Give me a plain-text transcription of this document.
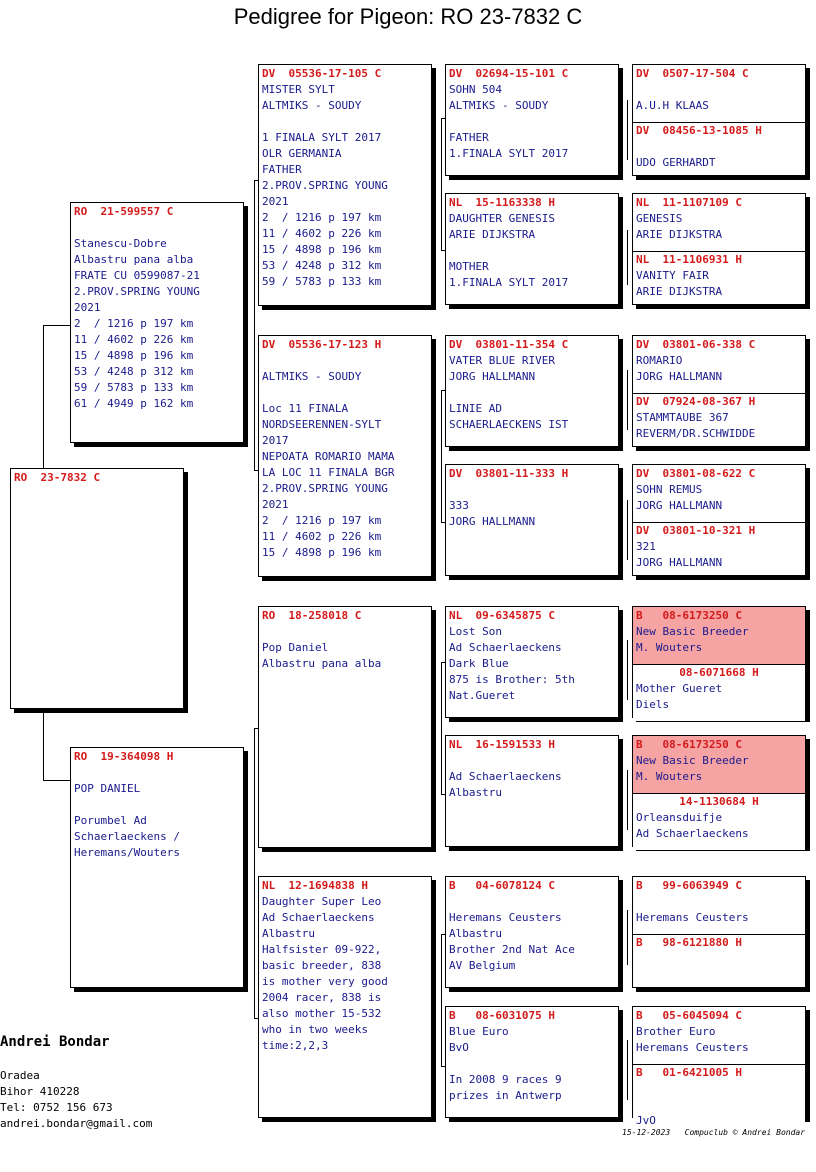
Pedigree for Pigeon: RO 23-7832 C
RO  23-7832 C
RO  21-599557 C
Stanescu-Dobre
Albastru pana alba
FRATE CU 0599087-21
2.PROV.SPRING YOUNG
2021
2  / 1216 p 197 km
11 / 4602 p 226 km
15 / 4898 p 196 km
53 / 4248 p 312 km
59 / 5783 p 133 km
61 / 4949 p 162 km
RO  19-364098 H
POP DANIEL
Porumbel Ad
Schaerlaeckens /
Heremans/Wouters
DV  05536-17-105 C
MISTER SYLT
ALTMIKS - SOUDY
1 FINALA SYLT 2017
OLR GERMANIA
FATHER
2.PROV.SPRING YOUNG
2021
2  / 1216 p 197 km
11 / 4602 p 226 km
15 / 4898 p 196 km
53 / 4248 p 312 km
59 / 5783 p 133 km
DV  05536-17-123 H
ALTMIKS - SOUDY
Loc 11 FINALA
NORDSEERENNEN-SYLT
2017
NEPOATA ROMARIO MAMA
LA LOC 11 FINALA BGR
2.PROV.SPRING YOUNG
2021
2  / 1216 p 197 km
11 / 4602 p 226 km
15 / 4898 p 196 km
RO  18-258018 C
Pop Daniel
Albastru pana alba
NL  12-1694838 H
Daughter Super Leo
Ad Schaerlaeckens
Albastru
Halfsister 09-922,
basic breeder, 838
is mother very good
2004 racer, 838 is
also mother 15-532
who in two weeks
time:2,2,3
DV  02694-15-101 C
SOHN 504
ALTMIKS - SOUDY
FATHER
1.FINALA SYLT 2017
NL  15-1163338 H
DAUGHTER GENESIS
ARIE DIJKSTRA
MOTHER
1.FINALA SYLT 2017
DV  03801-11-354 C
VATER BLUE RIVER
JORG HALLMANN
LINIE AD
SCHAERLAECKENS IST
DV  03801-11-333 H
333
JORG HALLMANN
NL  09-6345875 C
Lost Son
Ad Schaerlaeckens
Dark Blue
875 is Brother: 5th
Nat.Gueret
NL  16-1591533 H
Ad Schaerlaeckens
Albastru
B   04-6078124 C
Heremans Ceusters
Albastru
Brother 2nd Nat Ace
AV Belgium
B   08-6031075 H
Blue Euro
BvO
In 2008 9 races 9
prizes in Antwerp
DV  0507-17-504 C
A.U.H KLAAS
DV  08456-13-1085 H
UDO GERHARDT
NL  11-1107109 C
GENESIS
ARIE DIJKSTRA
NL  11-1106931 H
VANITY FAIR
ARIE DIJKSTRA
DV  03801-06-338 C
ROMARIO
JORG HALLMANN
DV  07924-08-367 H
STAMMTAUBE 367
REVERM/DR.SCHWIDDE
DV  03801-08-622 C
SOHN REMUS
JORG HALLMANN
DV  03801-10-321 H
321
JORG HALLMANN
B   08-6173250 C
New Basic Breeder
M. Wouters
08-6071668 H
Mother Gueret
Diels
B   08-6173250 C
New Basic Breeder
M. Wouters
14-1130684 H
Orleansduifje
Ad Schaerlaeckens
B   99-6063949 C
Heremans Ceusters
B   98-6121880 H
B   05-6045094 C
Brother Euro
Heremans Ceusters
B   01-6421005 H
JvO
Andrei Bondar
Oradea
Bihor 410228
Tel: 0752 156 673
andrei.bondar@gmail.com
15-12-2023 Compuclub © Andrei Bondar
